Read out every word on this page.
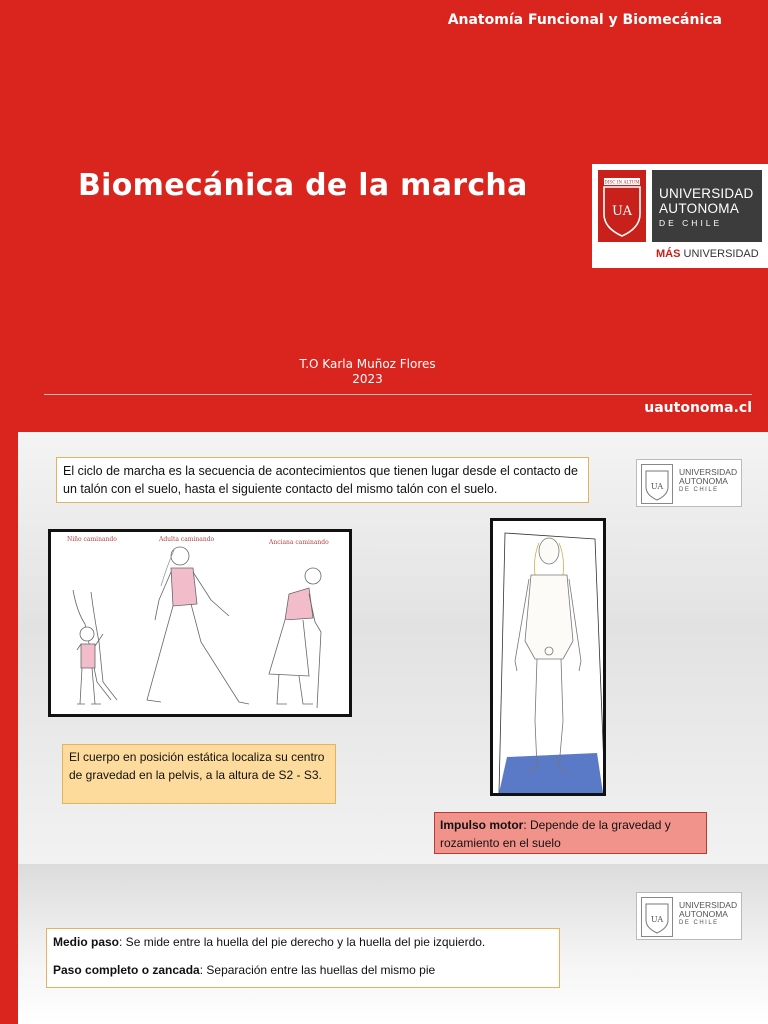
Anatomía Funcional y Biomecánica
Biomecánica de la marcha
T.O Karla Muñoz Flores
2023
uautonoma.cl
DISC IN ALTUM
UA
UNIVERSIDAD
AUTONOMA
DE CHILE
MÁS UNIVERSIDAD
El ciclo de marcha es la secuencia de acontecimientos que tienen lugar desde el contacto de un talón con el suelo, hasta el siguiente contacto del mismo talón con el suelo.	UA
UNIVERSIDAD
AUTONOMA
DE CHILE
Niño caminando	Adulta caminando	Anciana caminando
El cuerpo en posición estática localiza su centro de gravedad en la pelvis, a la altura de S2 - S3.
Impulso motor: Depende de la gravedad y rozamiento en el suelo
UA
UNIVERSIDAD
AUTONOMA
DE CHILE

Medio paso: Se mide entre la huella del pie derecho y la huella del pie izquierdo.

Paso completo o zancada: Separación entre las huellas del mismo pie
